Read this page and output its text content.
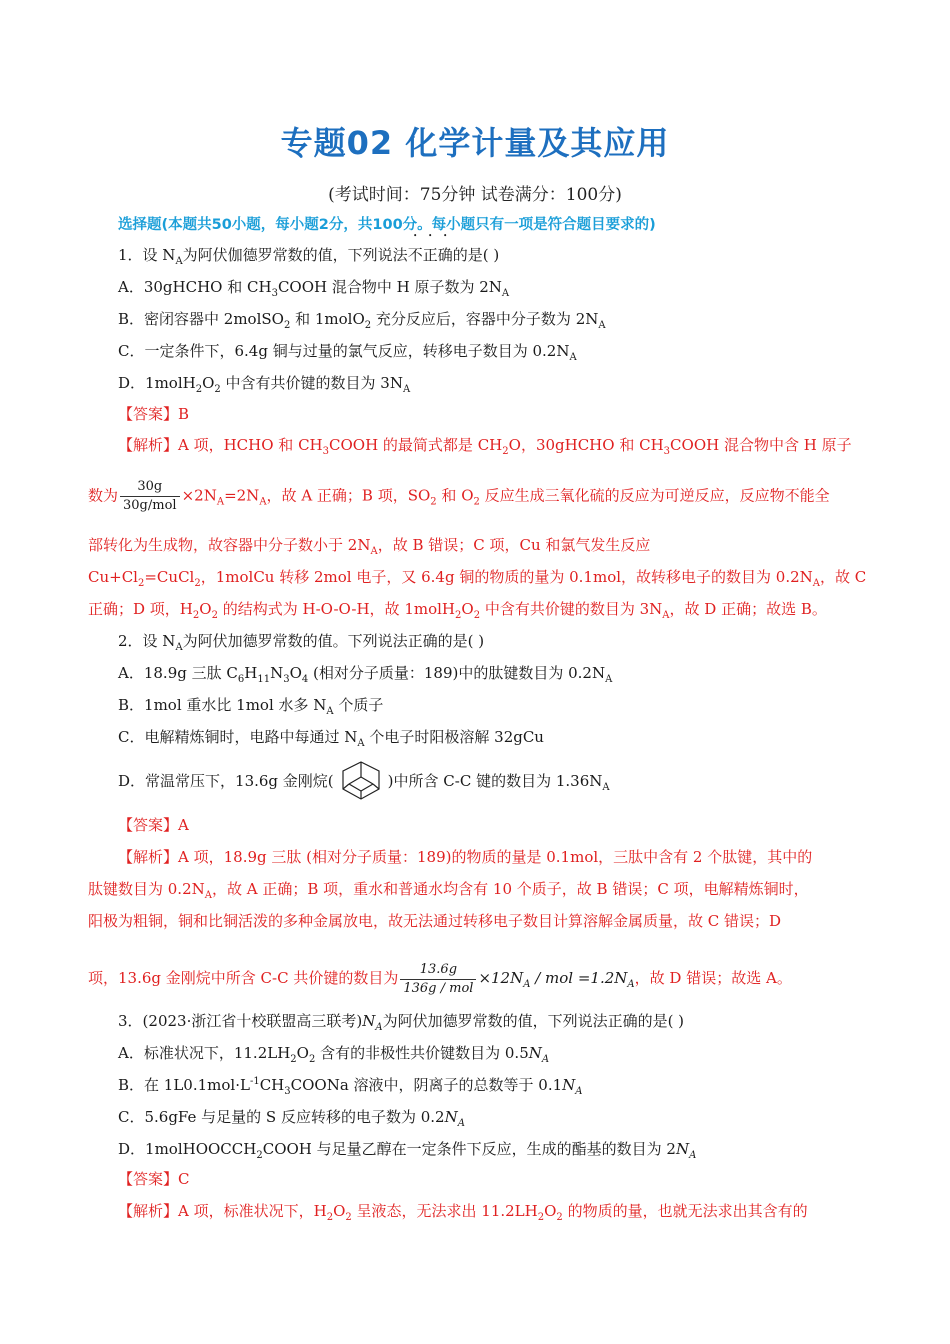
专题02 化学计量及其应用
(考试时间：75分钟 试卷满分：100分)
选择题(本题共50小题，每小题2分，共100分。每小题只有一项是符合题目要求的)
1．设 $N_A$为阿伏伽德罗常数的值，下列说法不正确的是( )
A．30gHCHO 和 $CH_3COOH$ 混合物中 H 原子数为 $2N_A$
B．密闭容器中 2molSO$_2$ 和 1molO$_2$ 充分反应后，容器中分子数为 $2N_A$
C．一定条件下，6.4g 铜与过量的氯气反应，转移电子数目为 $0.2N_A$
D．$1molH_2O_2$ 中含有共价键的数目为 $3N_A$
【答案】B
【解析】A 项，HCHO 和 $CH_3COOH$ 的最简式都是 $CH_2O$，30gHCHO 和 $CH_3COOH$ 混合物中含 H 原子
数为 $\frac{30g}{\text{30g/mol}} \times 2N_A=2N_A$，故 A 正确；B 项，$SO_2$ 和 $O_2$ 反应生成三氧化硫的反应为可逆反应，反应物不能全
部转化为生成物，故容器中分子数小于 $2N_A$，故 B 错误；C 项，Cu 和氯气发生反应
$Cu+Cl_2=CuCl_2$，1molCu 转移 2mol 电子，又 6.4g 铜的物质的量为 0.1mol，故转移电子的数目为 $0.2N_A$，故 C
正确；D 项，$H_2O_2$ 的结构式为 H-O-O-H，故 $1molH_2O_2$ 中含有共价键的数目为 $3N_A$，故 D 正确；故选 B。
2．设 $N_A$为阿伏加德罗常数的值。下列说法正确的是( )
A．18.9g 三肽 $C_6H_{11}N_3O_4$ (相对分子质量：189)中的肽键数目为 $0.2N_A$
B．1mol 重水比 1mol 水多 $N_A$ 个质子
C．电解精炼铜时，电路中每通过 $N_A$ 个电子时阳极溶解 32gCu
D．常温常压下，13.6g 金刚烷(	)中所含 C-C 键的数目为 $1.36N_A$
【答案】A
【解析】A 项，18.9g 三肽 (相对分子质量：189)的物质的量是 0.1mol，三肽中含有 2 个肽键，其中的
肽键数目为 $0.2N_A$，故 A 正确；B 项，重水和普通水均含有 10 个质子，故 B 错误；C 项，电解精炼铜时，
阳极为粗铜，铜和比铜活泼的多种金属放电，故无法通过转移电子数目计算溶解金属质量，故 C 错误；D
项，13.6g 金刚烷中所含 C-C 共价键的数目为 $\frac{13.6g}{\text{136g / mol}} \times 12N_A$ / mol $=1.2N_A$，故 D 错误；故选 A。
3．(2023·浙江省十校联盟高三联考)$N_A$为阿伏加德罗常数的值，下列说法正确的是( )
A．标准状况下，$11.2LH_2O_2$ 含有的非极性共价键数目为 $0.5N_A$
B．在 $1L0.1mol\cdot L^{-1}CH_3COONa$ 溶液中，阴离子的总数等于 $0.1N_A$
C．5.6gFe 与足量的 S 反应转移的电子数为 $0.2N_A$
D．1molHOOCCH$_2$COOH 与足量乙醇在一定条件下反应，生成的酯基的数目为 $2N_A$
【答案】C
【解析】A 项，标准状况下，$H_2O_2$ 呈液态，无法求出 $11.2LH_2O_2$ 的物质的量，也就无法求出其含有的
